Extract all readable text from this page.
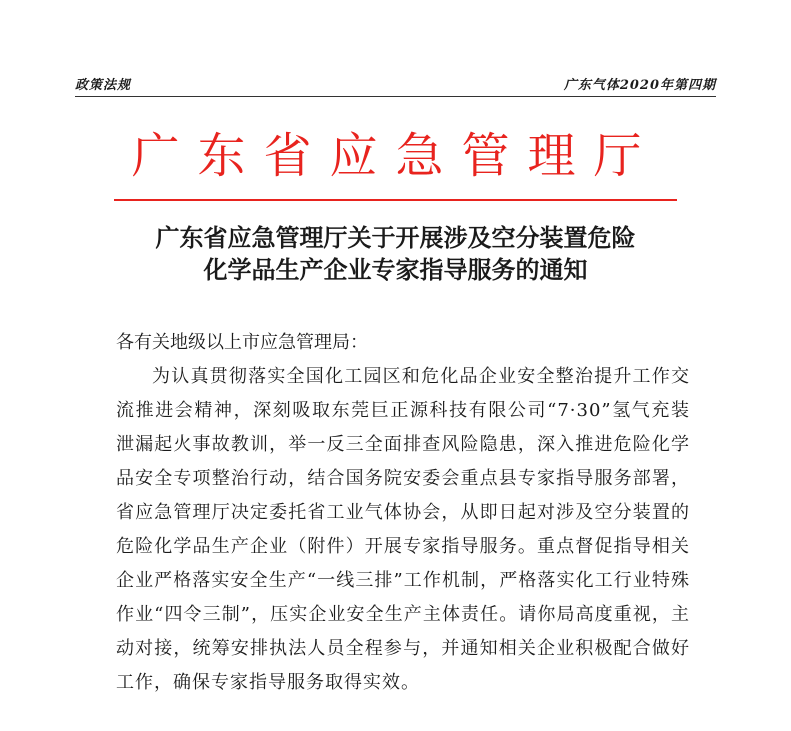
政策法规	广东气体2020年第四期
广东省应急管理厅
广东省应急管理厅关于开展涉及空分装置危险
化学品生产企业专家指导服务的通知

各有关地级以上市应急管理局：

为认真贯彻落实全国化工园区和危化品企业安全整治提升工作交流推进会精神，深刻吸取东莞巨正源科技有限公司“7·30”氢气充装泄漏起火事故教训，举一反三全面排查风险隐患，深入推进危险化学品安全专项整治行动，结合国务院安委会重点县专家指导服务部署，省应急管理厅决定委托省工业气体协会，从即日起对涉及空分装置的危险化学品生产企业（附件）开展专家指导服务。重点督促指导相关企业严格落实安全生产“一线三排”工作机制，严格落实化工行业特殊作业“四令三制”，压实企业安全生产主体责任。请你局高度重视，主动对接，统筹安排执法人员全程参与，并通知相关企业积极配合做好工作，确保专家指导服务取得实效。
